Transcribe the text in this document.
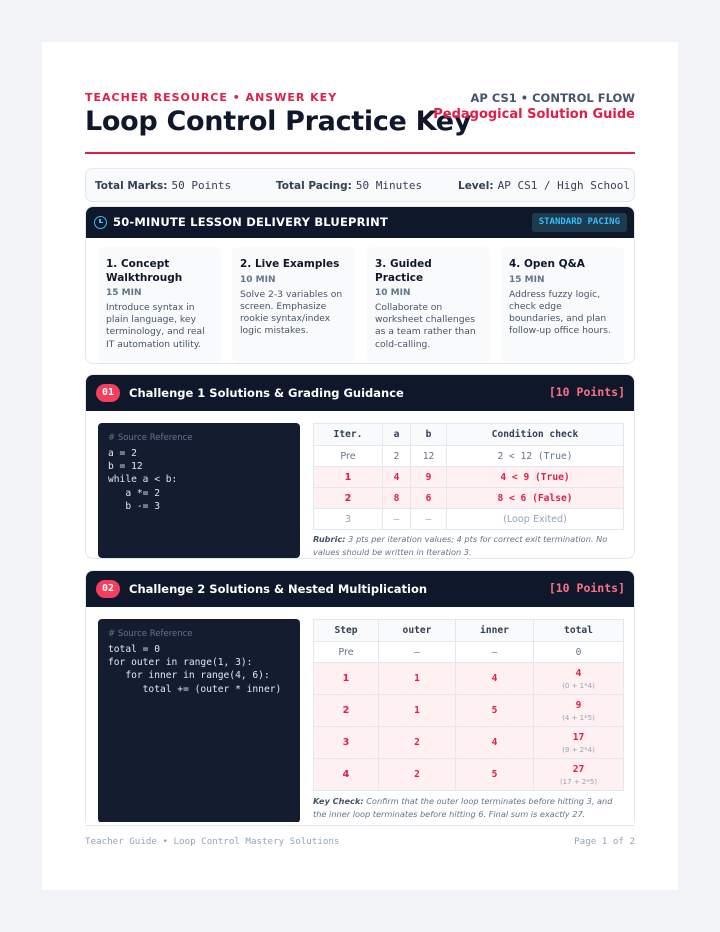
TEACHER RESOURCE • ANSWER KEY
Loop Control Practice Key
AP CS1 • CONTROL FLOW
Pedagogical Solution Guide
Total Marks: 50 Points	Total Pacing: 50 Minutes	Level: AP CS1 / High School
50-MINUTE LESSON DELIVERY BLUEPRINT	STANDARD PACING
1. Concept Walkthrough
15 MIN
Introduce syntax in plain language, key terminology, and real IT automation utility.
2. Live Examples
10 MIN
Solve 2-3 variables on screen. Emphasize rookie syntax/index logic mistakes.
3. Guided Practice
10 MIN
Collaborate on worksheet challenges as a team rather than cold-calling.
4. Open Q&A
15 MIN
Address fuzzy logic, check edge boundaries, and plan follow-up office hours.
01	Challenge 1 Solutions & Grading Guidance	[10 Points]
# Source Reference
a = 2
b = 12
while a < b:
a *= 2
b -= 3
Iter.	a	b	Condition check
Pre	2	12	2 < 12 (True)
1	4	9	4 < 9 (True)
2	8	6	8 < 6 (False)
3	—	—	(Loop Exited)
Rubric: 3 pts per iteration values; 4 pts for correct exit termination. No values should be written in Iteration 3.
02	Challenge 2 Solutions & Nested Multiplication	[10 Points]
# Source Reference
total = 0
for outer in range(1, 3):
for inner in range(4, 6):
total += (outer * inner)
Step	outer	inner	total
Pre	—	—	0
1	1	4	4
(0 + 1*4)

2	1	5	9
(4 + 1*5)

3	2	4	17
(9 + 2*4)

4	2	5	27
(17 + 2*5)
Key Check: Confirm that the outer loop terminates before hitting 3, and the inner loop terminates before hitting 6. Final sum is exactly 27.
Teacher Guide • Loop Control Mastery Solutions	Page 1 of 2
